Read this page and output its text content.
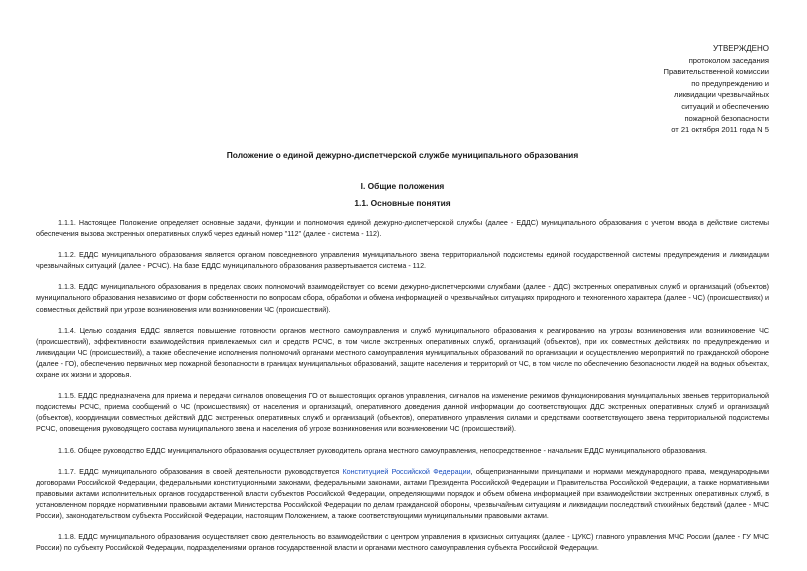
УТВЕРЖДЕНО
протоколом заседания
Правительственной комиссии
по предупреждению и
ликвидации чрезвычайных
ситуаций и обеспечению
пожарной безопасности
от 21 октября 2011 года N 5
Положение о единой дежурно-диспетчерской службе муниципального образования
I. Общие положения
1.1. Основные понятия

1.1.1. Настоящее Положение определяет основные задачи, функции и полномочия единой дежурно-диспетчерской службы (далее - ЕДДС) муниципального образования с учетом ввода в действие системы обеспечения вызова экстренных оперативных служб через единый номер "112" (далее - система - 112).

1.1.2. ЕДДС муниципального образования является органом повседневного управления муниципального звена территориальной подсистемы единой государственной системы предупреждения и ликвидации чрезвычайных ситуаций (далее - РСЧС). На базе ЕДДС муниципального образования развертывается система - 112.

1.1.3. ЕДДС муниципального образования в пределах своих полномочий взаимодействует со всеми дежурно-диспетчерскими службами (далее - ДДС) экстренных оперативных служб и организаций (объектов) муниципального образования независимо от форм собственности по вопросам сбора, обработки и обмена информацией о чрезвычайных ситуациях природного и техногенного характера (далее - ЧС) (происшествиях) и совместных действий при угрозе возникновения или возникновении ЧС (происшествий).

1.1.4. Целью создания ЕДДС является повышение готовности органов местного самоуправления и служб муниципального образования к реагированию на угрозы возникновения или возникновение ЧС (происшествий), эффективности взаимодействия привлекаемых сил и средств РСЧС, в том числе экстренных оперативных служб, организаций (объектов), при их совместных действиях по предупреждению и ликвидации ЧС (происшествий), а также обеспечение исполнения полномочий органами местного самоуправления муниципальных образований по организации и осуществлению мероприятий по гражданской обороне (далее - ГО), обеспечению первичных мер пожарной безопасности в границах муниципальных образований, защите населения и территорий от ЧС, в том числе по обеспечению безопасности людей на водных объектах, охране их жизни и здоровья.

1.1.5. ЕДДС предназначена для приема и передачи сигналов оповещения ГО от вышестоящих органов управления, сигналов на изменение режимов функционирования муниципальных звеньев территориальной подсистемы РСЧС, приема сообщений о ЧС (происшествиях) от населения и организаций, оперативного доведения данной информации до соответствующих ДДС экстренных оперативных служб и организаций (объектов), координации совместных действий ДДС экстренных оперативных служб и организаций (объектов), оперативного управления силами и средствами соответствующего звена территориальной подсистемы РСЧС, оповещения руководящего состава муниципального звена и населения об угрозе возникновения или возникновении ЧС (происшествий).

1.1.6. Общее руководство ЕДДС муниципального образования осуществляет руководитель органа местного самоуправления, непосредственное - начальник ЕДДС муниципального образования.

1.1.7. ЕДДС муниципального образования в своей деятельности руководствуется Конституцией Российской Федерации, общепризнанными принципами и нормами международного права, международными договорами Российской Федерации, федеральными конституционными законами, федеральными законами, актами Президента Российской Федерации и Правительства Российской Федерации, а также нормативными правовыми актами исполнительных органов государственной власти субъектов Российской Федерации, определяющими порядок и объем обмена информацией при взаимодействии экстренных оперативных служб, в установленном порядке нормативными правовыми актами Министерства Российской Федерации по делам гражданской обороны, чрезвычайным ситуациям и ликвидации последствий стихийных бедствий (далее - МЧС России), законодательством субъекта Российской Федерации, настоящим Положением, а также соответствующими муниципальными правовыми актами.

1.1.8. ЕДДС муниципального образования осуществляет свою деятельность во взаимодействии с центром управления в кризисных ситуациях (далее - ЦУКС) главного управления МЧС России (далее - ГУ МЧС России) по субъекту Российской Федерации, подразделениями органов государственной власти и органами местного самоуправления субъекта Российской Федерации.
